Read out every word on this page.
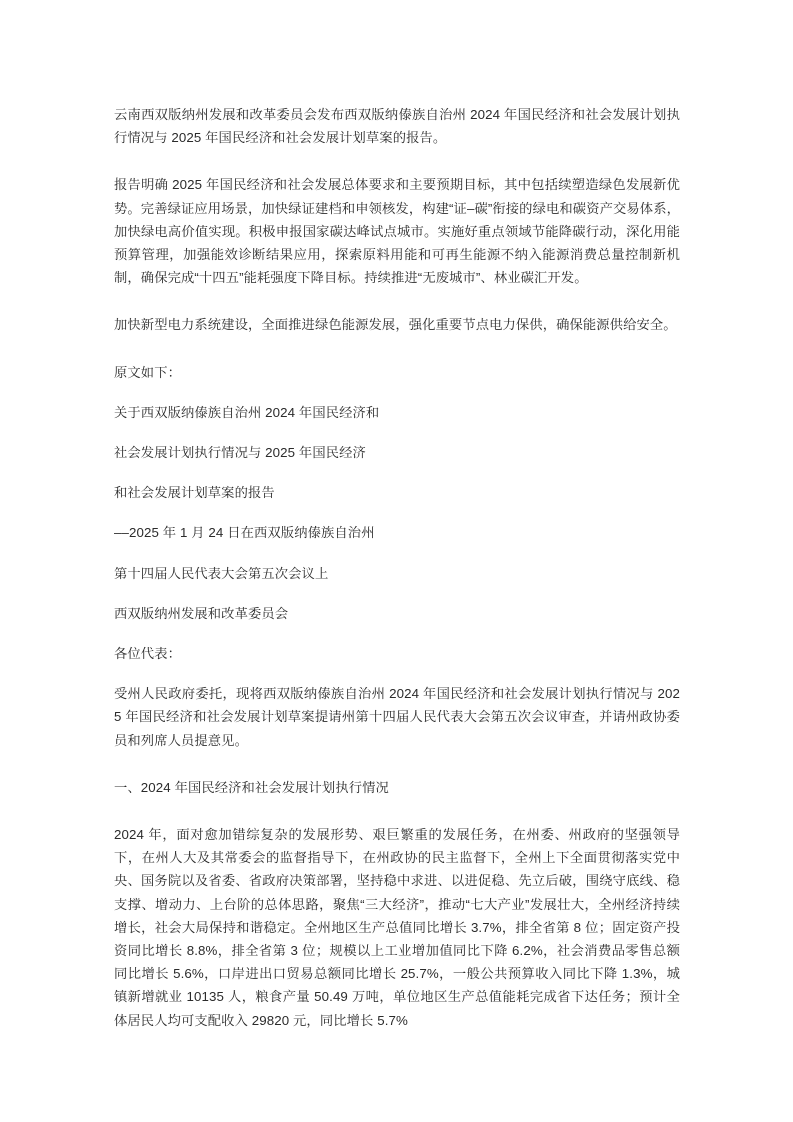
云南西双版纳州发展和改革委员会发布西双版纳傣族自治州 2024 年国民经济和社会发展计划执行情况与 2025 年国民经济和社会发展计划草案的报告。

报告明确 2025 年国民经济和社会发展总体要求和主要预期目标，其中包括续塑造绿色发展新优势。完善绿证应用场景，加快绿证建档和申领核发，构建“证–碳”衔接的绿电和碳资产交易体系，加快绿电高价值实现。积极申报国家碳达峰试点城市。实施好重点领域节能降碳行动，深化用能预算管理，加强能效诊断结果应用，探索原料用能和可再生能源不纳入能源消费总量控制新机制，确保完成“十四五”能耗强度下降目标。持续推进“无废城市”、林业碳汇开发。

加快新型电力系统建设，全面推进绿色能源发展，强化重要节点电力保供，确保能源供给安全。

原文如下：

关于西双版纳傣族自治州 2024 年国民经济和

社会发展计划执行情况与 2025 年国民经济

和社会发展计划草案的报告

––2025 年 1 月 24 日在西双版纳傣族自治州

第十四届人民代表大会第五次会议上

西双版纳州发展和改革委员会

各位代表：

受州人民政府委托，现将西双版纳傣族自治州 2024 年国民经济和社会发展计划执行情况与 2025 年国民经济和社会发展计划草案提请州第十四届人民代表大会第五次会议审查，并请州政协委员和列席人员提意见。

一、2024 年国民经济和社会发展计划执行情况

2024 年，面对愈加错综复杂的发展形势、艰巨繁重的发展任务，在州委、州政府的坚强领导下，在州人大及其常委会的监督指导下，在州政协的民主监督下，全州上下全面贯彻落实党中央、国务院以及省委、省政府决策部署，坚持稳中求进、以进促稳、先立后破，围绕守底线、稳支撑、增动力、上台阶的总体思路，聚焦“三大经济”，推动“七大产业”发展壮大，全州经济持续增长，社会大局保持和谐稳定。全州地区生产总值同比增长 3.7%，排全省第 8 位；固定资产投资同比增长 8.8%，排全省第 3 位；规模以上工业增加值同比下降 6.2%，社会消费品零售总额同比增长 5.6%，口岸进出口贸易总额同比增长 25.7%，一般公共预算收入同比下降 1.3%，城镇新增就业 10135 人，粮食产量 50.49 万吨，单位地区生产总值能耗完成省下达任务；预计全体居民人均可支配收入 29820 元，同比增长 5.7%
